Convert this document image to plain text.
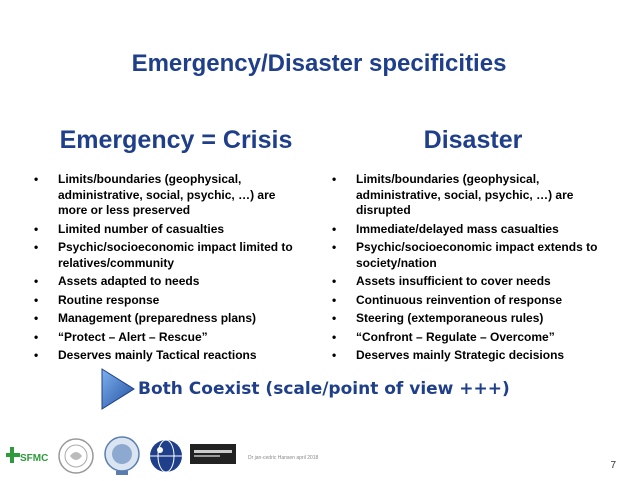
Emergency/Disaster specificities
Emergency = Crisis	Disaster
• Limits/boundaries (geophysical, administrative, social, psychic, …) are more or less preserved
• Limited number of casualties
• Psychic/socioeconomic impact limited to relatives/community
• Assets adapted to needs
• Routine response
• Management (preparedness plans)
• “Protect – Alert – Rescue”
• Deserves mainly Tactical reactions
• Limits/boundaries (geophysical, administrative, social, psychic, …) are disrupted
• Immediate/delayed mass casualties
• Psychic/socioeconomic impact extends to society/nation
• Assets insufficient to cover needs
• Continuous reinvention of response
• Steering (extemporaneous rules)
• “Confront – Regulate – Overcome”
• Deserves mainly Strategic decisions
Both Coexist (scale/point of view +++)
SFMC	Dr jan-cedric Hansen april 2018
7
